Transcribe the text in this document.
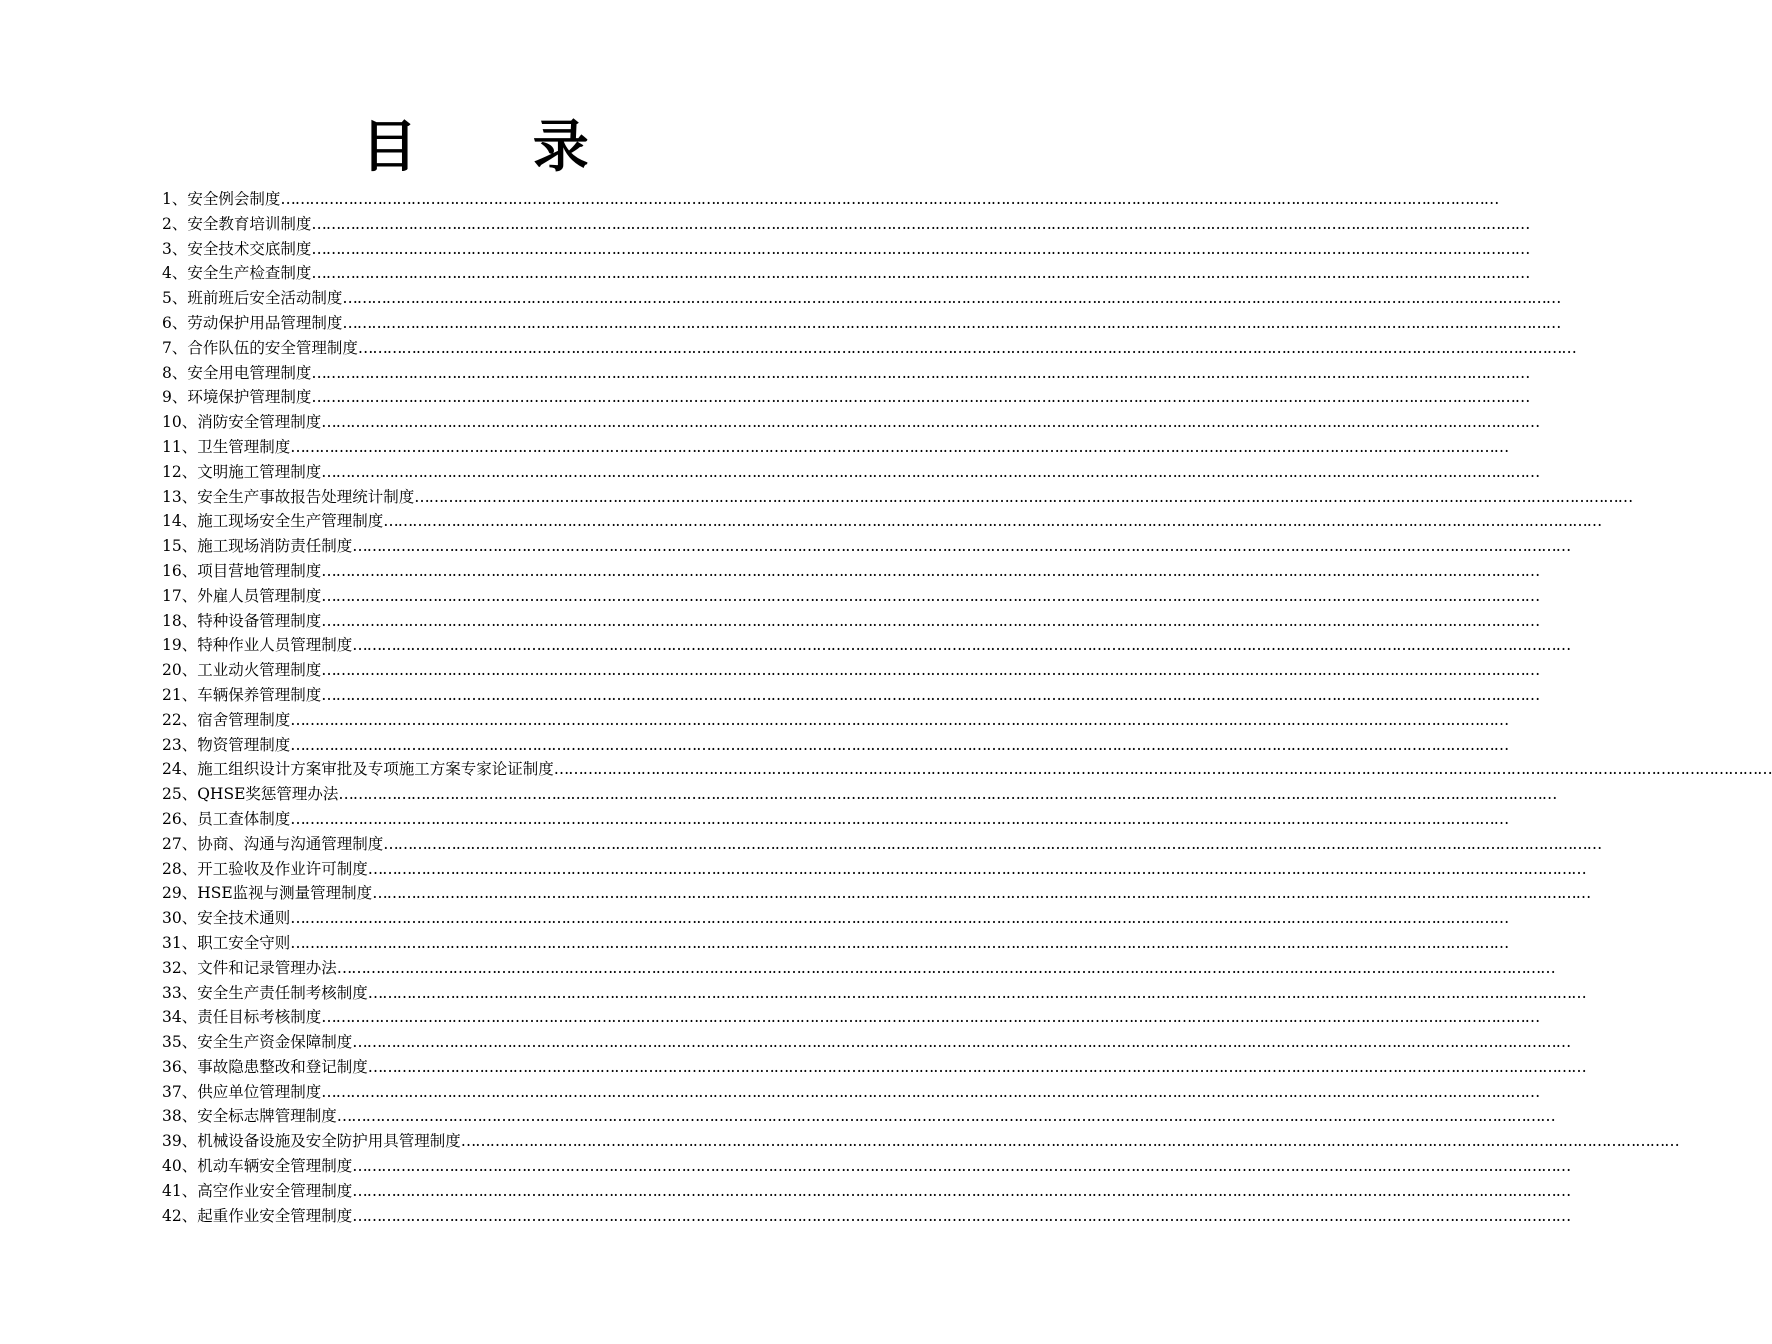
目 录
1、安全例会制度………………………………………………………………………………………………………………………………………………………………………………………………………………………………
2、安全教育培训制度………………………………………………………………………………………………………………………………………………………………………………………………………………………………
3、安全技术交底制度………………………………………………………………………………………………………………………………………………………………………………………………………………………………
4、安全生产检查制度………………………………………………………………………………………………………………………………………………………………………………………………………………………………
5、班前班后安全活动制度………………………………………………………………………………………………………………………………………………………………………………………………………………………………
6、劳动保护用品管理制度………………………………………………………………………………………………………………………………………………………………………………………………………………………………
7、合作队伍的安全管理制度………………………………………………………………………………………………………………………………………………………………………………………………………………………………
8、安全用电管理制度………………………………………………………………………………………………………………………………………………………………………………………………………………………………
9、环境保护管理制度………………………………………………………………………………………………………………………………………………………………………………………………………………………………
10、消防安全管理制度………………………………………………………………………………………………………………………………………………………………………………………………………………………………
11、卫生管理制度………………………………………………………………………………………………………………………………………………………………………………………………………………………………
12、文明施工管理制度………………………………………………………………………………………………………………………………………………………………………………………………………………………………
13、安全生产事故报告处理统计制度………………………………………………………………………………………………………………………………………………………………………………………………………………………………
14、施工现场安全生产管理制度………………………………………………………………………………………………………………………………………………………………………………………………………………………………
15、施工现场消防责任制度………………………………………………………………………………………………………………………………………………………………………………………………………………………………
16、项目营地管理制度………………………………………………………………………………………………………………………………………………………………………………………………………………………………
17、外雇人员管理制度………………………………………………………………………………………………………………………………………………………………………………………………………………………………
18、特种设备管理制度………………………………………………………………………………………………………………………………………………………………………………………………………………………………
19、特种作业人员管理制度………………………………………………………………………………………………………………………………………………………………………………………………………………………………
20、工业动火管理制度………………………………………………………………………………………………………………………………………………………………………………………………………………………………
21、车辆保养管理制度………………………………………………………………………………………………………………………………………………………………………………………………………………………………
22、宿舍管理制度………………………………………………………………………………………………………………………………………………………………………………………………………………………………
23、物资管理制度………………………………………………………………………………………………………………………………………………………………………………………………………………………………
24、施工组织设计方案审批及专项施工方案专家论证制度………………………………………………………………………………………………………………………………………………………………………………………………………………………………
25、QHSE奖惩管理办法………………………………………………………………………………………………………………………………………………………………………………………………………………………………
26、员工查体制度………………………………………………………………………………………………………………………………………………………………………………………………………………………………
27、协商、沟通与沟通管理制度………………………………………………………………………………………………………………………………………………………………………………………………………………………………
28、开工验收及作业许可制度………………………………………………………………………………………………………………………………………………………………………………………………………………………………
29、HSE监视与测量管理制度………………………………………………………………………………………………………………………………………………………………………………………………………………………………
30、安全技术通则………………………………………………………………………………………………………………………………………………………………………………………………………………………………
31、职工安全守则………………………………………………………………………………………………………………………………………………………………………………………………………………………………
32、文件和记录管理办法………………………………………………………………………………………………………………………………………………………………………………………………………………………………
33、安全生产责任制考核制度………………………………………………………………………………………………………………………………………………………………………………………………………………………………
34、责任目标考核制度………………………………………………………………………………………………………………………………………………………………………………………………………………………………
35、安全生产资金保障制度………………………………………………………………………………………………………………………………………………………………………………………………………………………………
36、事故隐患整改和登记制度………………………………………………………………………………………………………………………………………………………………………………………………………………………………
37、供应单位管理制度………………………………………………………………………………………………………………………………………………………………………………………………………………………………
38、安全标志牌管理制度………………………………………………………………………………………………………………………………………………………………………………………………………………………………
39、机械设备设施及安全防护用具管理制度………………………………………………………………………………………………………………………………………………………………………………………………………………………………
40、机动车辆安全管理制度………………………………………………………………………………………………………………………………………………………………………………………………………………………………
41、高空作业安全管理制度………………………………………………………………………………………………………………………………………………………………………………………………………………………………
42、起重作业安全管理制度………………………………………………………………………………………………………………………………………………………………………………………………………………………………
